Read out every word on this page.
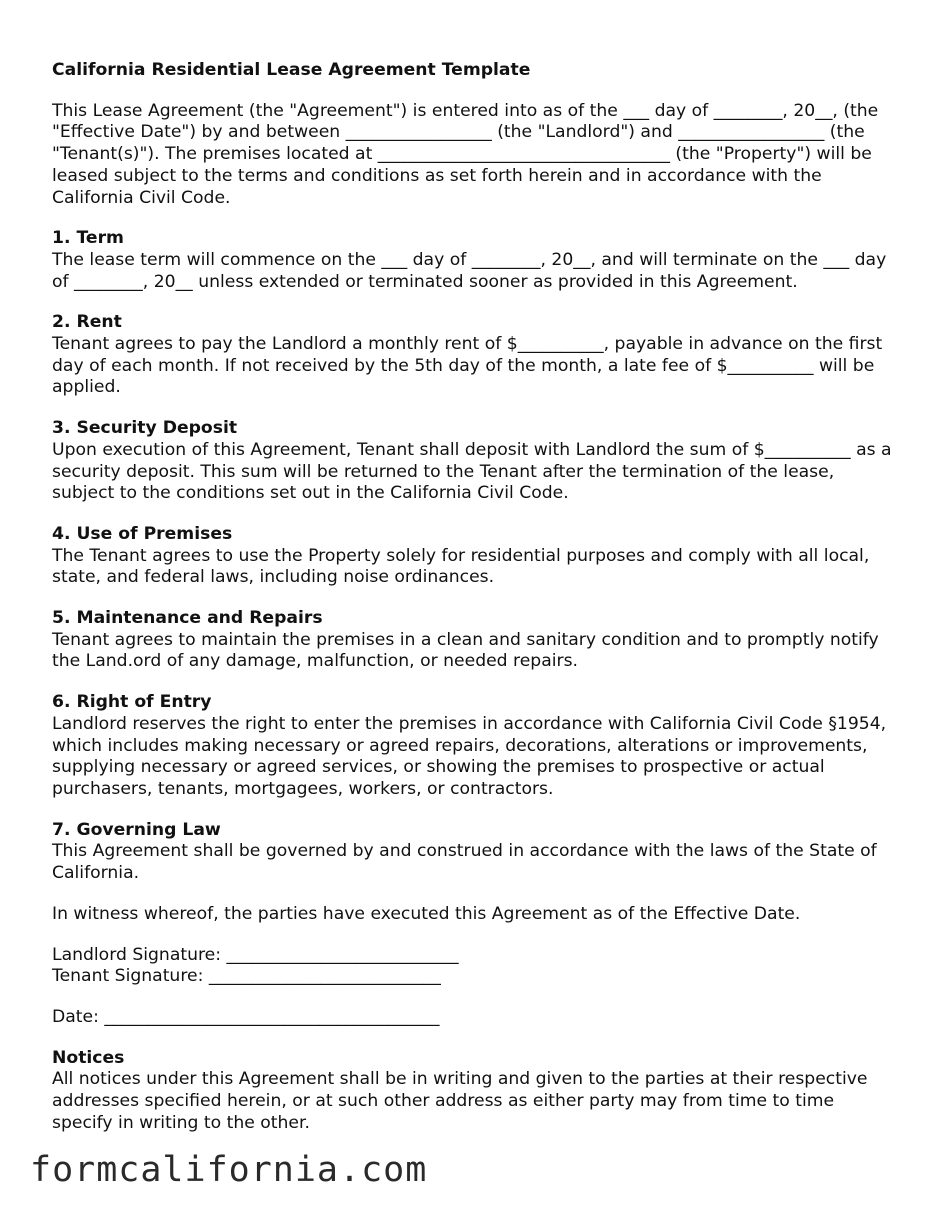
California Residential Lease Agreement Template
This Lease Agreement (the "Agreement") is entered into as of the ___ day of ________, 20__, (the "Effective Date") by and between _________________ (the "Landlord") and _________________ (the "Tenant(s)"). The premises located at __________________________________ (the "Property") will be leased subject to the terms and conditions as set forth herein and in accordance with the California Civil Code.
1. Term
The lease term will commence on the ___ day of ________, 20__, and will terminate on the ___ day of ________, 20__ unless extended or terminated sooner as provided in this Agreement.
2. Rent
Tenant agrees to pay the Landlord a monthly rent of $__________, payable in advance on the first day of each month. If not received by the 5th day of the month, a late fee of $__________ will be applied.
3. Security Deposit
Upon execution of this Agreement, Tenant shall deposit with Landlord the sum of $__________ as a security deposit. This sum will be returned to the Tenant after the termination of the lease, subject to the conditions set out in the California Civil Code.
4. Use of Premises
The Tenant agrees to use the Property solely for residential purposes and comply with all local, state, and federal laws, including noise ordinances.
5. Maintenance and Repairs
Tenant agrees to maintain the premises in a clean and sanitary condition and to promptly notify the Land.ord of any damage, malfunction, or needed repairs.
6. Right of Entry
Landlord reserves the right to enter the premises in accordance with California Civil Code §1954, which includes making necessary or agreed repairs, decorations, alterations or improvements, supplying necessary or agreed services, or showing the premises to prospective or actual purchasers, tenants, mortgagees, workers, or contractors.
7. Governing Law
This Agreement shall be governed by and construed in accordance with the laws of the State of California.
In witness whereof, the parties have executed this Agreement as of the Effective Date.
Landlord Signature: ___________________________
Tenant Signature: ___________________________
Date: _______________________________________
Notices
All notices under this Agreement shall be in writing and given to the parties at their respective addresses specified herein, or at such other address as either party may from time to time specify in writing to the other.
formcalifornia.com
